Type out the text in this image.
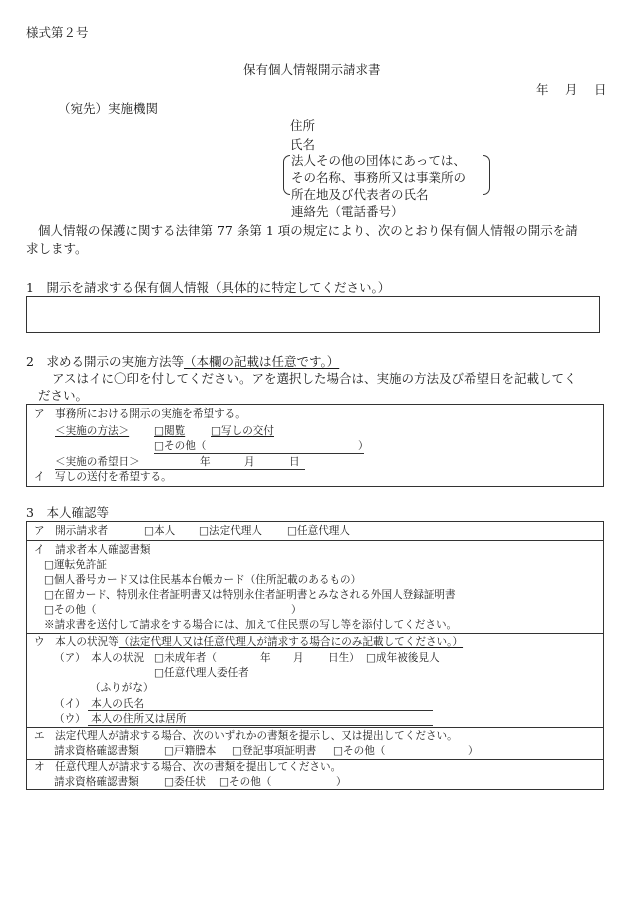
様式第２号
保有個人情報開示請求書
年　月　日
（宛先）実施機関
住所
氏名
法人その他の団体にあっては、
その名称、事務所又は事業所の
所在地及び代表者の氏名
連絡先（電話番号）
個人情報の保護に関する法律第 77 条第 1 項の規定により、次のとおり保有個人情報の開示を請
求します。
1　開示を請求する保有個人情報（具体的に特定してください。）
2　求める開示の実施方法等（本欄の記載は任意です。）
アスはイに〇印を付してください。アを選択した場合は、実施の方法及び希望日を記載してく
ださい。
ア　事務所における開示の実施を希望する。
＜実施の方法＞ □閲覧 □写しの交付
□その他（	）
＜実施の希望日＞	年	月	日
イ　写しの送付を希望する。
3　本人確認等
ア　開示請求者	□本人 □法定代理人 □任意代理人
イ　請求者本人確認書類
□運転免許証
□個人番号カード又は住民基本台帳カード（住所記載のあるもの）
□在留カード、特別永住者証明書又は特別永住者証明書とみなされる外国人登録証明書
□その他（	）
※請求書を送付して請求をする場合には、加えて住民票の写し等を添付してください。
ウ　本人の状況等（法定代理人又は任意代理人が請求する場合にのみ記載してください。）
（ア）　本人の状況 □未成年者（	年 月 日生） □成年被後見人
□任意代理人委任者
（ふりがな）
（イ）　本人の氏名
（ウ）　本人の住所又は居所
エ　法定代理人が請求する場合、次のいずれかの書類を提示し、又は提出してください。
請求資格確認書類 □戸籍謄本 □登記事項証明書 □その他（	）
オ　任意代理人が請求する場合、次の書類を提出してください。
請求資格確認書類 □委任状 □その他（	）
